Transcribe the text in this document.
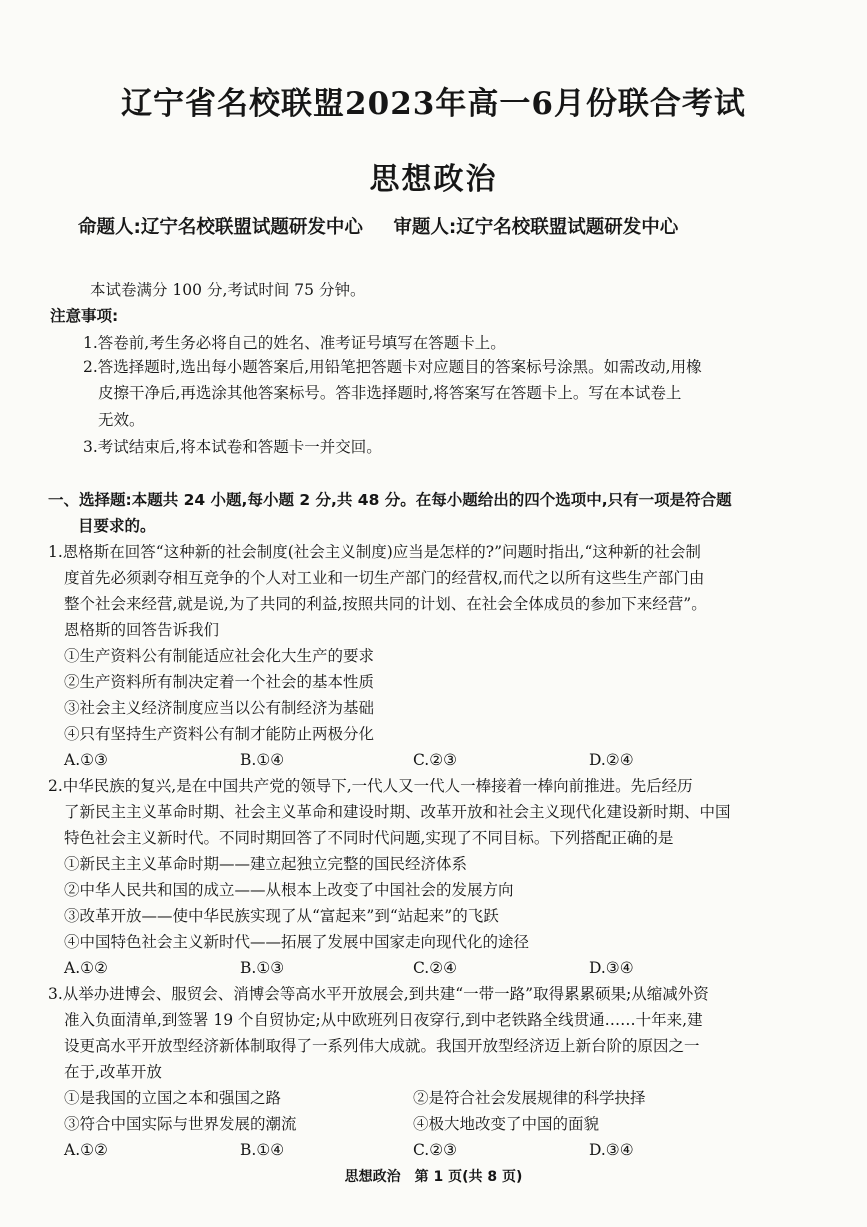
辽宁省名校联盟2023年高一6月份联合考试
思想政治
命题人:辽宁名校联盟试题研发中心 审题人:辽宁名校联盟试题研发中心
本试卷满分 100 分,考试时间 75 分钟。
注意事项:
1.答卷前,考生务必将自己的姓名、准考证号填写在答题卡上。
2.答选择题时,选出每小题答案后,用铅笔把答题卡对应题目的答案标号涂黑。如需改动,用橡
皮擦干净后,再选涂其他答案标号。答非选择题时,将答案写在答题卡上。写在本试卷上
无效。
3.考试结束后,将本试卷和答题卡一并交回。
一、选择题:本题共 24 小题,每小题 2 分,共 48 分。在每小题给出的四个选项中,只有一项是符合题
目要求的。
1.恩格斯在回答“这种新的社会制度(社会主义制度)应当是怎样的?”问题时指出,“这种新的社会制
度首先必须剥夺相互竞争的个人对工业和一切生产部门的经营权,而代之以所有这些生产部门由
整个社会来经营,就是说,为了共同的利益,按照共同的计划、在社会全体成员的参加下来经营”。
恩格斯的回答告诉我们
①生产资料公有制能适应社会化大生产的要求
②生产资料所有制决定着一个社会的基本性质
③社会主义经济制度应当以公有制经济为基础
④只有坚持生产资料公有制才能防止两极分化
A.①③	B.①④	C.②③	D.②④
2.中华民族的复兴,是在中国共产党的领导下,一代人又一代人一棒接着一棒向前推进。先后经历
了新民主主义革命时期、社会主义革命和建设时期、改革开放和社会主义现代化建设新时期、中国
特色社会主义新时代。不同时期回答了不同时代问题,实现了不同目标。下列搭配正确的是
①新民主主义革命时期——建立起独立完整的国民经济体系
②中华人民共和国的成立——从根本上改变了中国社会的发展方向
③改革开放——使中华民族实现了从“富起来”到“站起来”的飞跃
④中国特色社会主义新时代——拓展了发展中国家走向现代化的途径
A.①②	B.①③	C.②④	D.③④
3.从举办进博会、服贸会、消博会等高水平开放展会,到共建“一带一路”取得累累硕果;从缩减外资
准入负面清单,到签署 19 个自贸协定;从中欧班列日夜穿行,到中老铁路全线贯通……十年来,建
设更高水平开放型经济新体制取得了一系列伟大成就。我国开放型经济迈上新台阶的原因之一
在于,改革开放
①是我国的立国之本和强国之路	②是符合社会发展规律的科学抉择
③符合中国实际与世界发展的潮流	④极大地改变了中国的面貌
A.①②	B.①④	C.②③	D.③④
思想政治　第 1 页(共 8 页)
